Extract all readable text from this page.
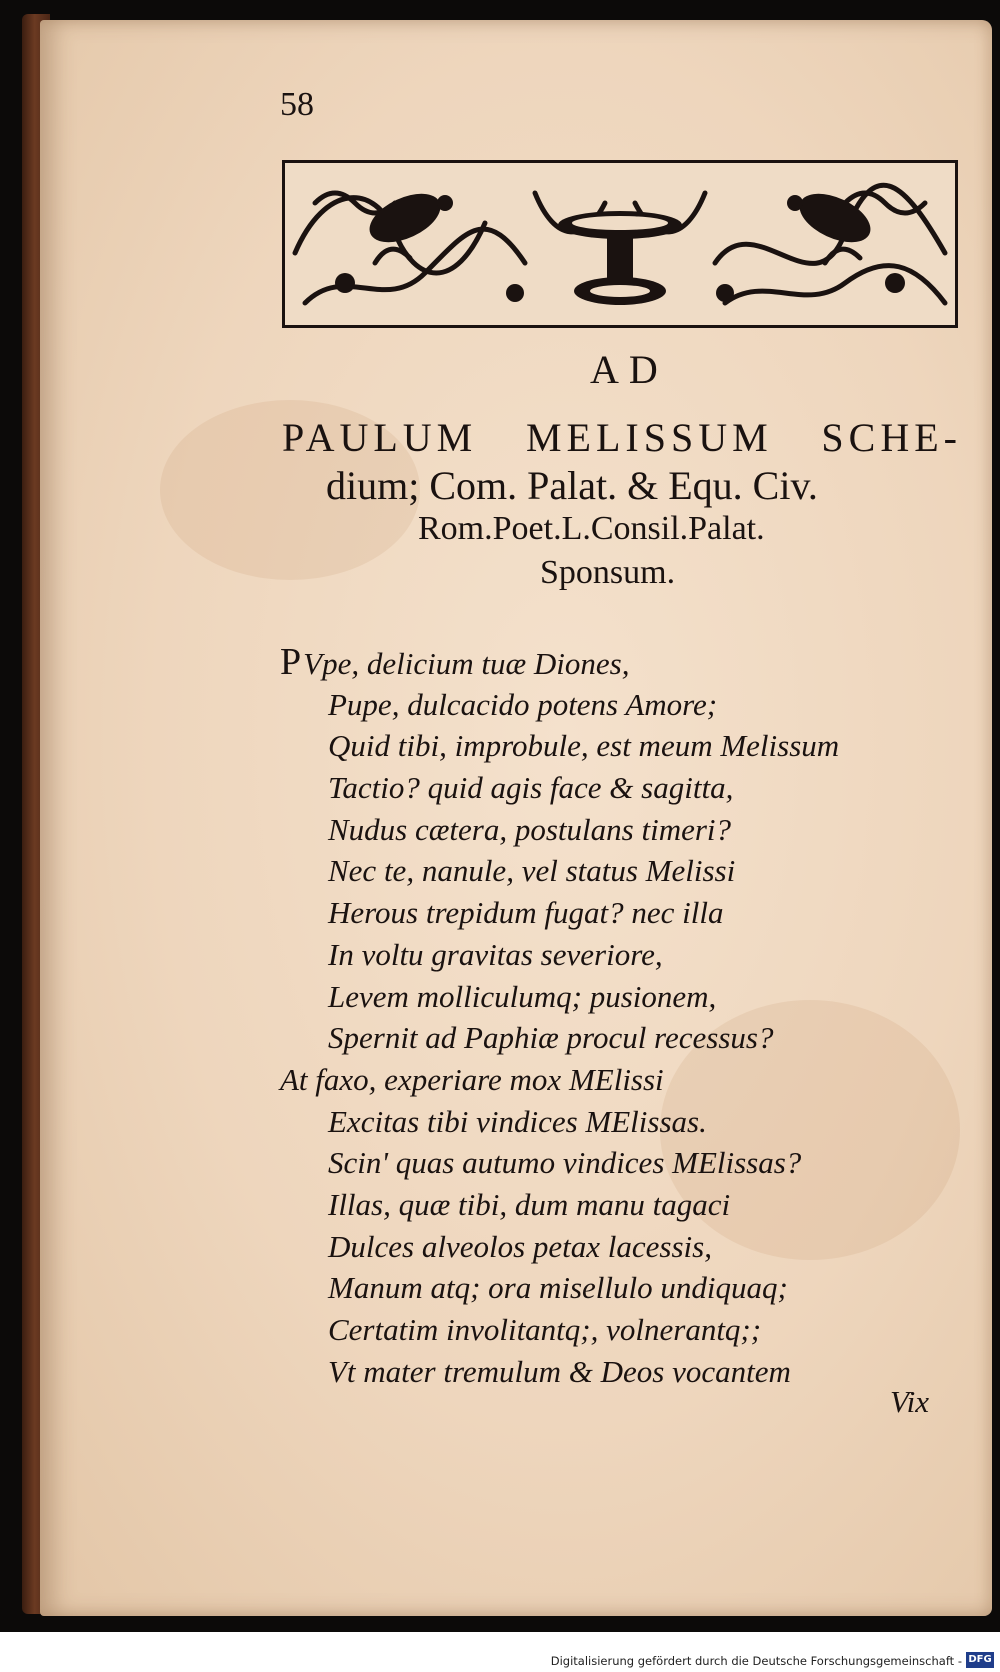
58
AD
PAULUM MELISSUM SCHE-
dium; Com. Palat. & Equ. Civ.
Rom.Poet.L.Consil.Palat.
Sponsum.
PVpe, delicium tuæ Diones,
Pupe, dulcacido potens Amore;
Quid tibi, improbule, est meum Melissum
Tactio? quid agis face & sagitta,
Nudus cætera, postulans timeri?
Nec te, nanule, vel status Melissi
Herous trepidum fugat? nec illa
In voltu gravitas severiore,
Levem molliculumq; pusionem,
Spernit ad Paphiæ procul recessus?
At faxo, experiare mox MElissi
Excitas tibi vindices MElissas.
Scin' quas autumo vindices MElissas?
Illas, quæ tibi, dum manu tagaci
Dulces alveolos petax lacessis,
Manum atq; ora misellulo undiquaq;
Certatim involitantq;, volnerantq;;
Vt mater tremulum & Deos vocantem
Vix
Digitalisierung gefördert durch die Deutsche Forschungsgemeinschaft - DFG
